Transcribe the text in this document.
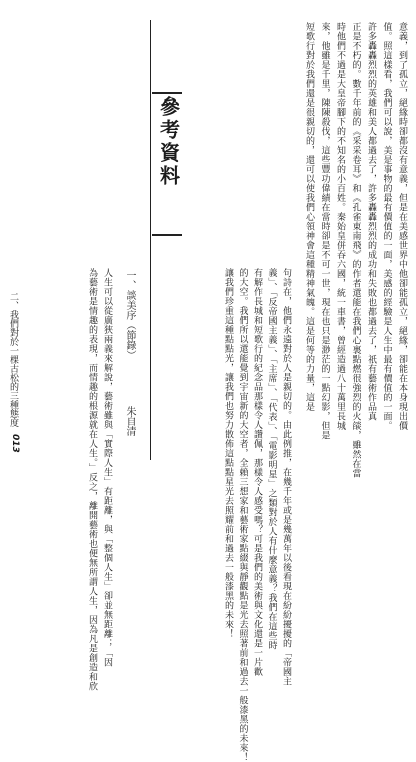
二、我們對於一棵古松的三種態度
013
意義，到了孤立，絕緣時卻都沒有意義，但是在美感世界中他卻能孤立，絕緣，卻能在本身現出價
值。照這樣看，我們可以說，美是事物的最有價值的一面，美感的經驗是人生中最有價值的一面。
許多轟轟烈烈的英雄和美人都過去了，許多轟轟烈烈的成功和失敗也都過去了，祇有藝術作品真
正是不朽的。數千年前的《采采卷耳》和《孔雀東南飛》的作者還能在我們心裏點燃很強烈的火燄，雖然在當
時他們不過是大皇帝腳下的不知名的小百姓。秦始皇併吞六國，統一車書，曾經造過八十萬里長城
來，他雖是千里，陳陳殺伐，這些豐功偉績在當時卻是不可一世，現在也只是渺茫的一點幻影，但是
短歌行對於我們還是很親切的，還可以使我們心領神會這種精神氣魄。這是何等的力量，這是
參考資料
一、談美序（節錄）
朱自清
人生可以從廣狹兩義來解說，藝術雖與「實際人生」有距離，與「整個人生」卻並無距離；「因
為藝術是情趣的表現，而情趣的根源就在人生。」反之，離開藝術也便無所謂人生，因為凡是創造和欣	句詩在，他們永遠對於人是親切的。由此例推，在幾千年或是幾萬年以後看現在紛紛擾擾的「帝國主
義」、「反帝國主義」、「主席」、「代表」、「電影明星」之類對於人有什麼意義？我們在這些時
有解作長城和短歌行的紀念品那樣令人讚佩，那樣令人感受嗎？可是我們的美術與文化還是一片歡
的大空。我們所以還能覺到宇宙新的大空者，全賴三想家和藝術家點綴與靜觀點是光去照著前和過去一般漆黑的未來！
讓我們珍重這種點點光，讓我們也努力散佈這點點星光去照耀前和過去一般漆黑的未來！
